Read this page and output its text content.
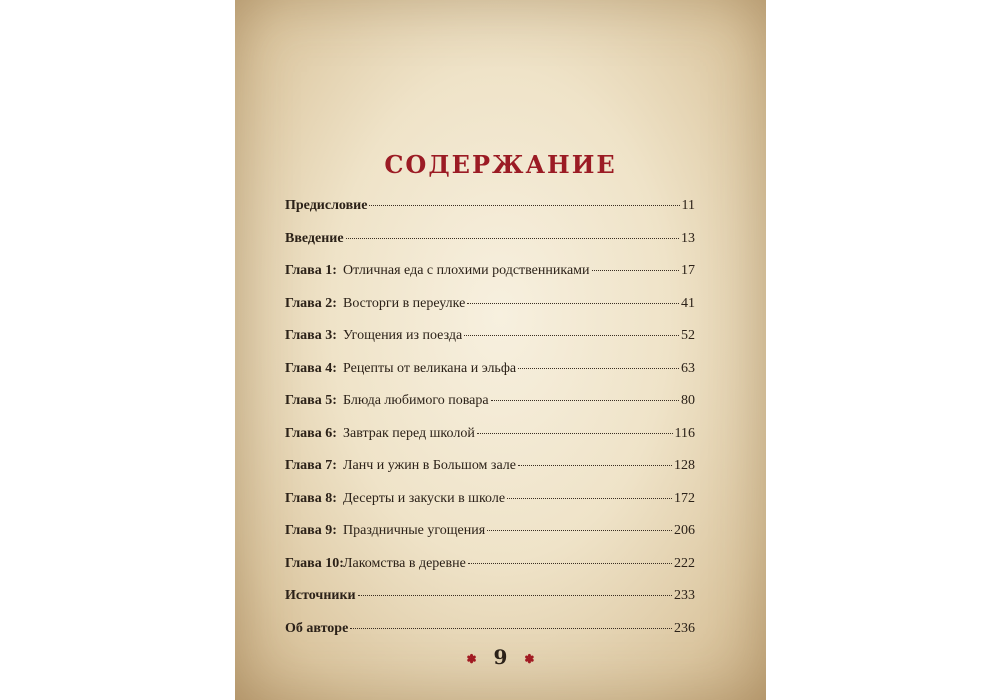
СОДЕРЖАНИЕ
Предисловие	11
Введение	13
Глава 1: Отличная еда с плохими родственниками	17
Глава 2: Восторги в переулке	41
Глава 3: Угощения из поезда	52
Глава 4: Рецепты от великана и эльфа	63
Глава 5: Блюда любимого повара	80
Глава 6: Завтрак перед школой	116
Глава 7: Ланч и ужин в Большом зале	128
Глава 8: Десерты и закуски в школе	172
Глава 9: Праздничные угощения	206
Глава 10: Лакомства в деревне	222
Источники	233
Об авторе	236
✽ 9 ✽
